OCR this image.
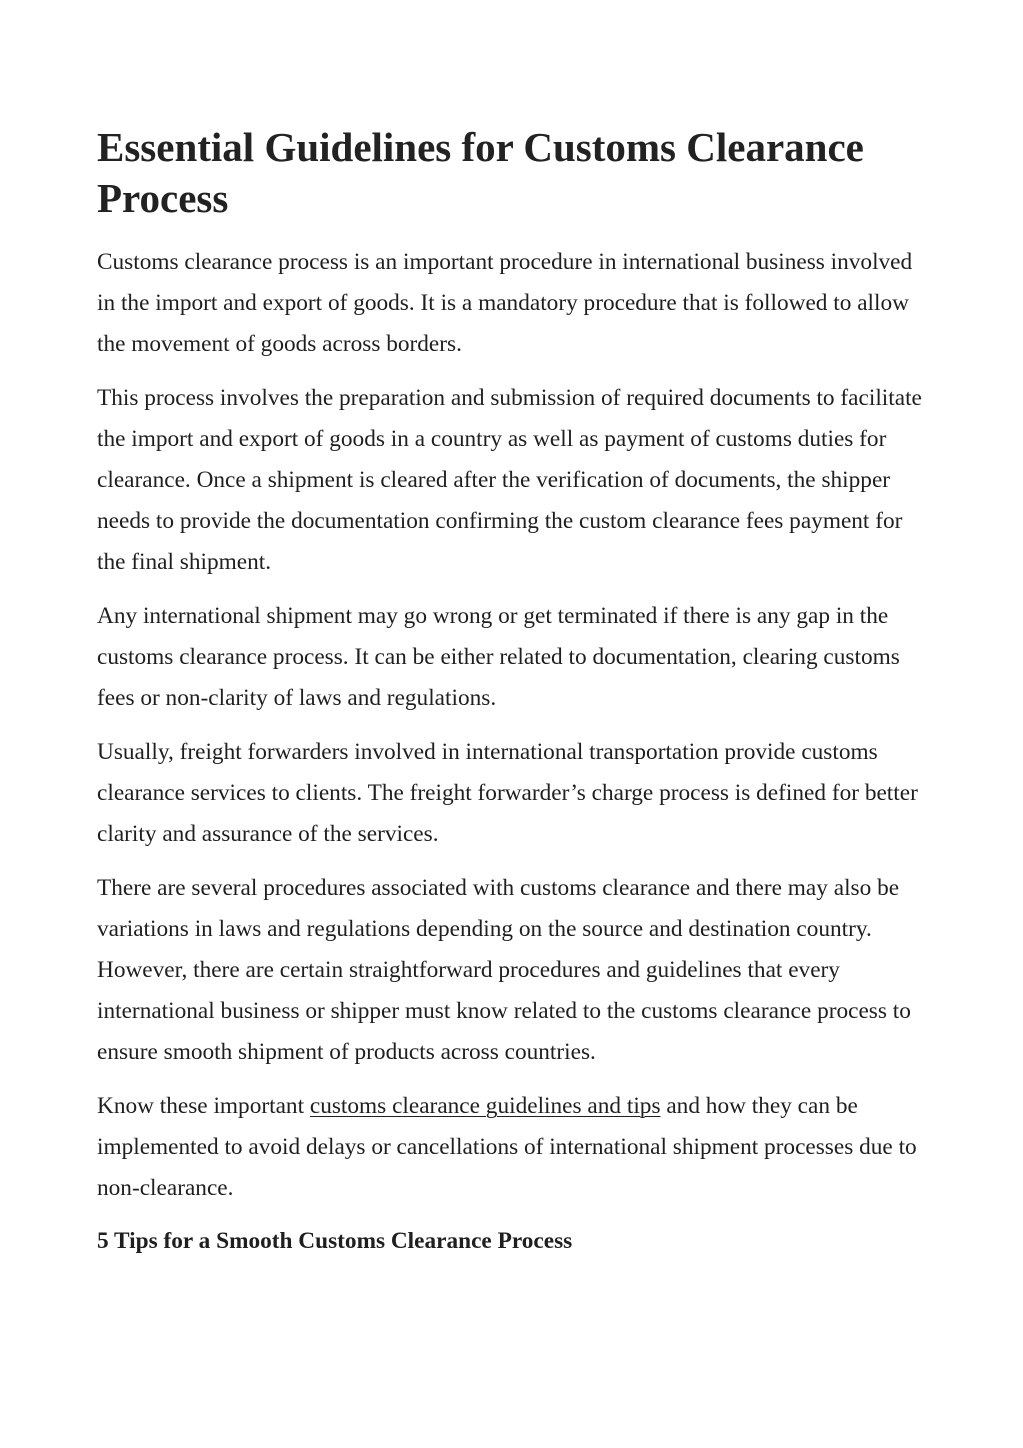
Essential Guidelines for Customs Clearance Process

Customs clearance process is an important procedure in international business involved in the import and export of goods. It is a mandatory procedure that is followed to allow the movement of goods across borders.

This process involves the preparation and submission of required documents to facilitate the import and export of goods in a country as well as payment of customs duties for clearance. Once a shipment is cleared after the verification of documents, the shipper needs to provide the documentation confirming the custom clearance fees payment for the final shipment.

Any international shipment may go wrong or get terminated if there is any gap in the customs clearance process. It can be either related to documentation, clearing customs fees or non-clarity of laws and regulations.

Usually, freight forwarders involved in international transportation provide customs clearance services to clients. The freight forwarder’s charge process is defined for better clarity and assurance of the services.

There are several procedures associated with customs clearance and there may also be variations in laws and regulations depending on the source and destination country. However, there are certain straightforward procedures and guidelines that every international business or shipper must know related to the customs clearance process to ensure smooth shipment of products across countries.

Know these important customs clearance guidelines and tips and how they can be implemented to avoid delays or cancellations of international shipment processes due to non-clearance.

5 Tips for a Smooth Customs Clearance Process
